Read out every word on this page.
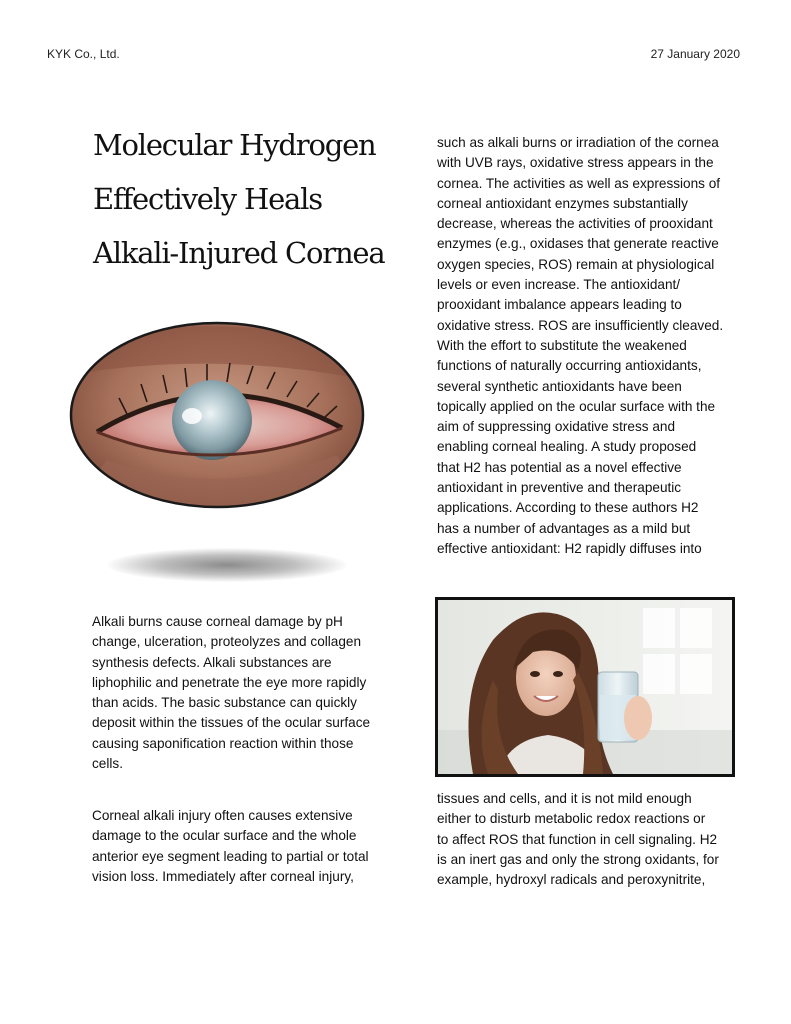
KYK Co., Ltd.	27 January 2020
Molecular Hydrogen
Effectively Heals
Alkali-Injured Cornea
Alkali burns cause corneal damage by pH
change, ulceration, proteolyzes and collagen
synthesis defects. Alkali substances are
liphophilic and penetrate the eye more rapidly
than acids. The basic substance can quickly
deposit within the tissues of the ocular surface
causing saponification reaction within those
cells.
Corneal alkali injury often causes extensive
damage to the ocular surface and the whole
anterior eye segment leading to partial or total
vision loss. Immediately after corneal injury,
such as alkali burns or irradiation of the cornea
with UVB rays, oxidative stress appears in the
cornea. The activities as well as expressions of
corneal antioxidant enzymes substantially
decrease, whereas the activities of prooxidant
enzymes (e.g., oxidases that generate reactive
oxygen species, ROS) remain at physiological
levels or even increase. The antioxidant/
prooxidant imbalance appears leading to
oxidative stress. ROS are insufficiently cleaved.
With the effort to substitute the weakened
functions of naturally occurring antioxidants,
several synthetic antioxidants have been
topically applied on the ocular surface with the
aim of suppressing oxidative stress and
enabling corneal healing. A study proposed
that H2 has potential as a novel effective
antioxidant in preventive and therapeutic
applications. According to these authors H2
has a number of advantages as a mild but
effective antioxidant: H2 rapidly diffuses into
tissues and cells, and it is not mild enough
either to disturb metabolic redox reactions or
to affect ROS that function in cell signaling. H2
is an inert gas and only the strong oxidants, for
example, hydroxyl radicals and peroxynitrite,
